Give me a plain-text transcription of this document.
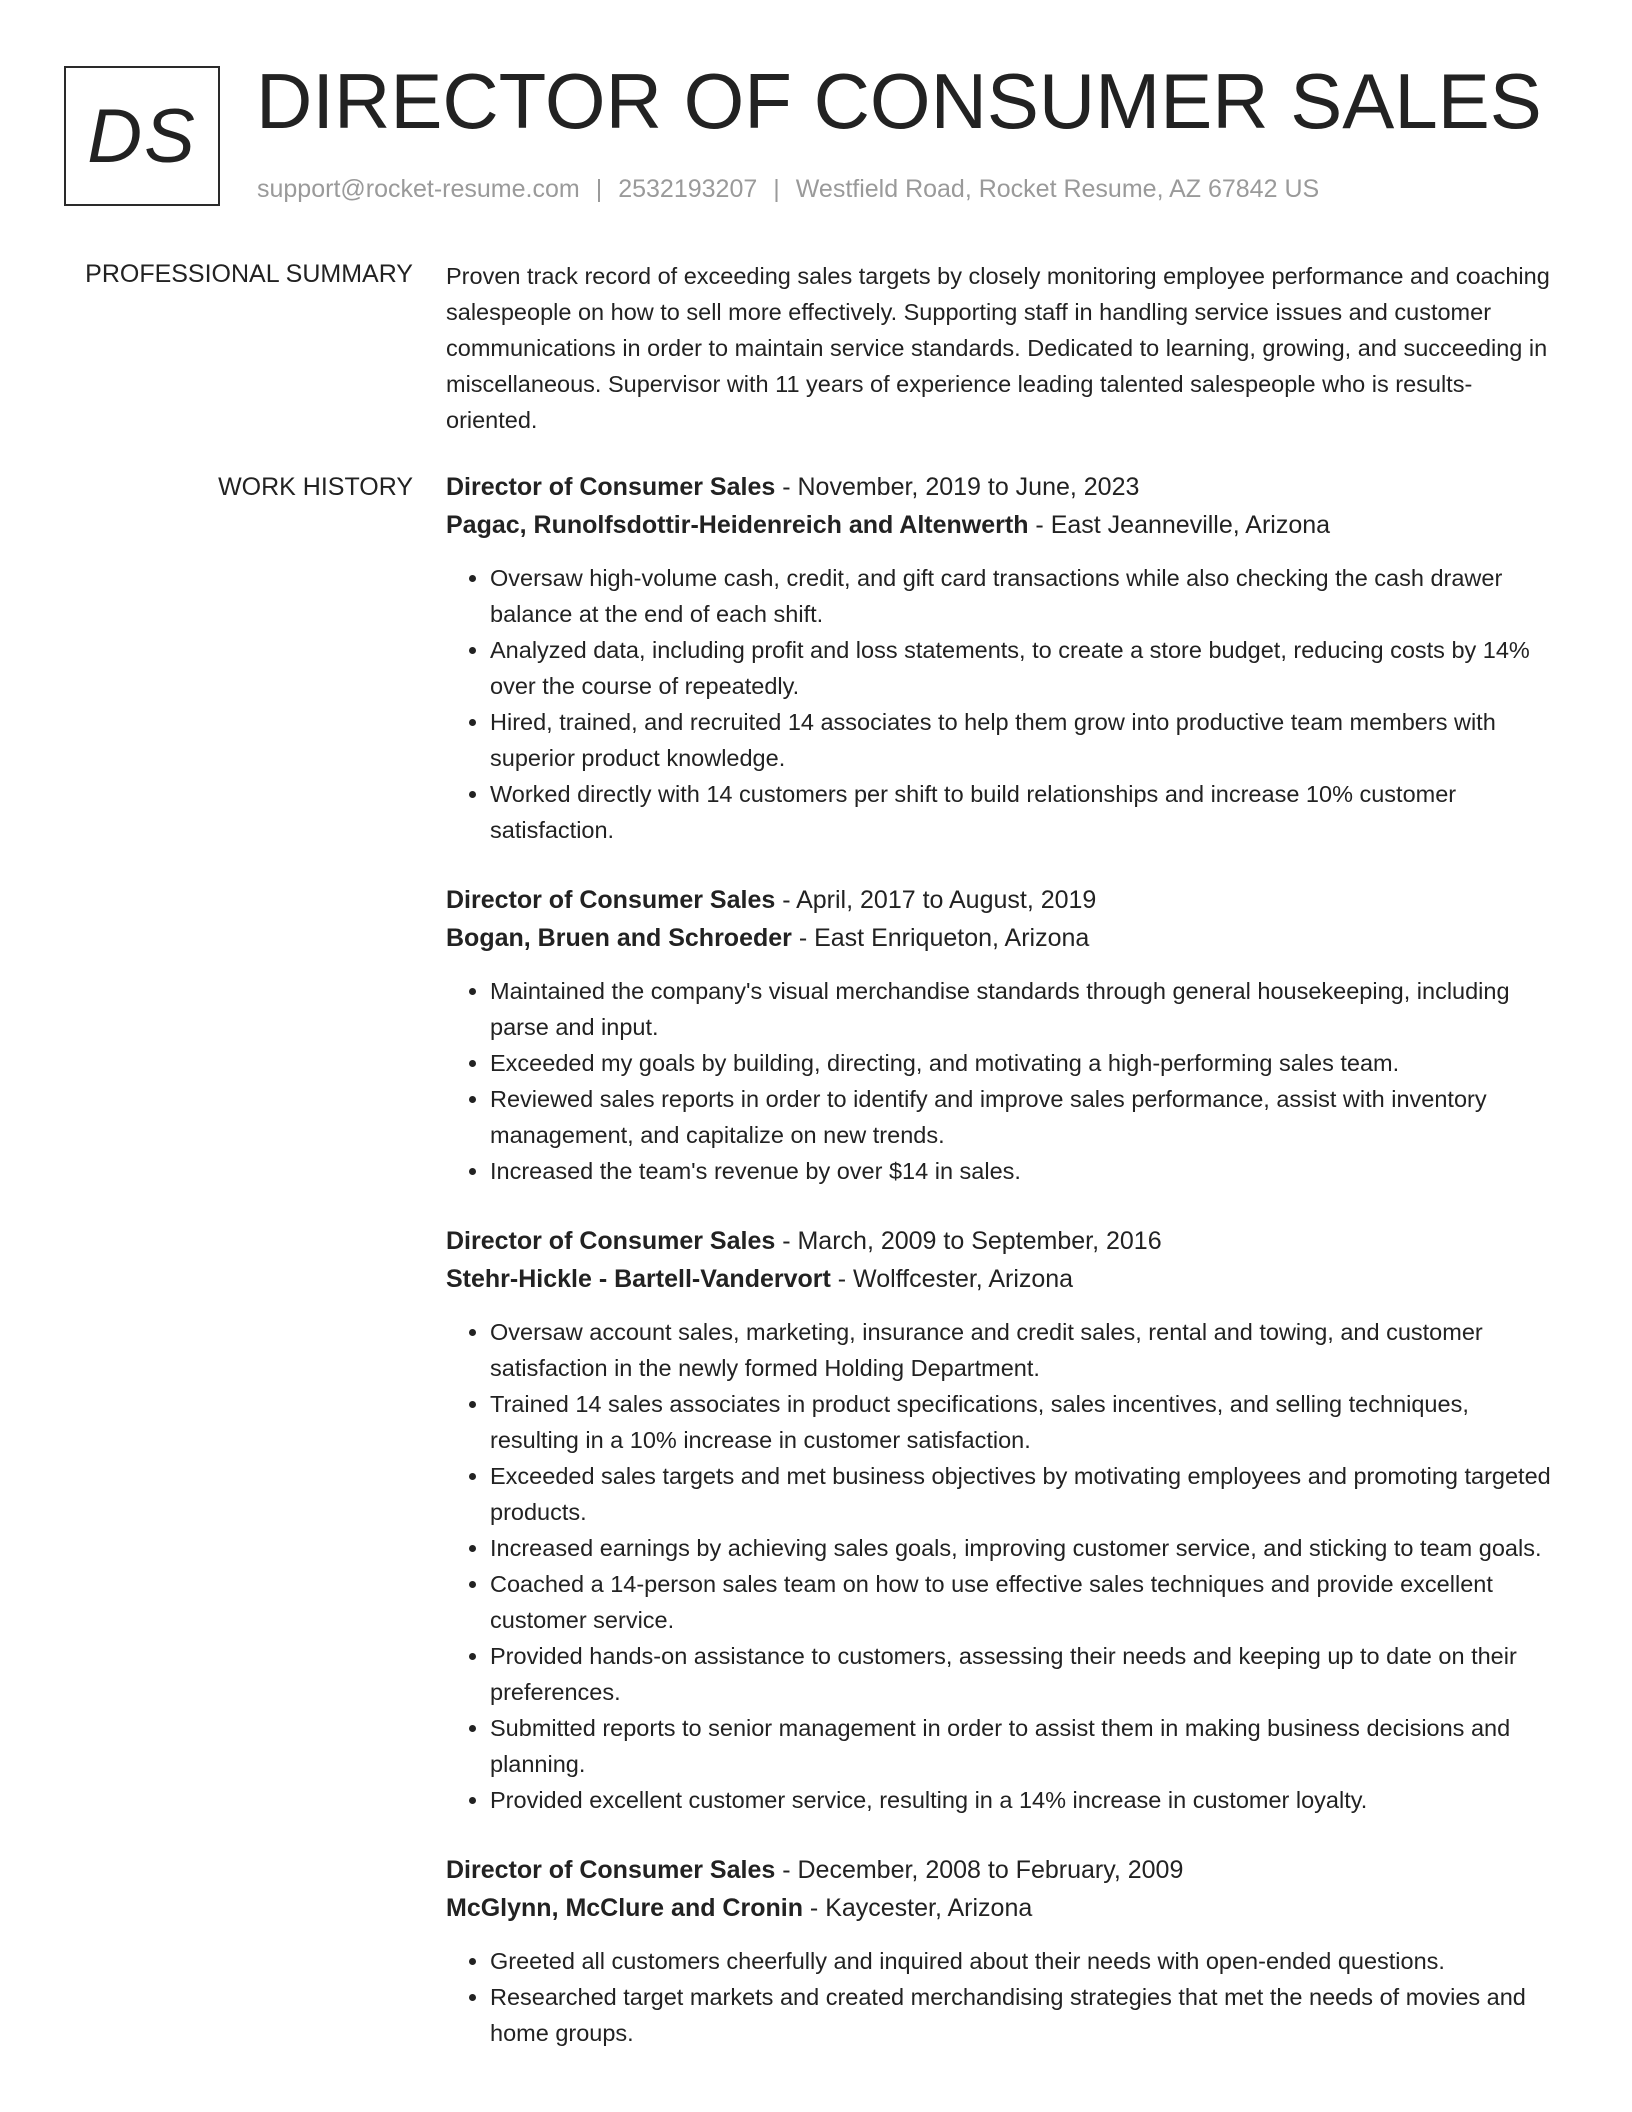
DS DIRECTOR OF CONSUMER SALES
support@rocket-resume.com | 2532193207 | Westfield Road, Rocket Resume, AZ 67842 US
PROFESSIONAL SUMMARY Proven track record of exceeding sales targets by closely monitoring employee performance and coaching salespeople on how to sell more effectively. Supporting staff in handling service issues and customer communications in order to maintain service standards. Dedicated to learning, growing, and succeeding in miscellaneous. Supervisor with 11 years of experience leading talented salespeople who is results-oriented.

WORK HISTORY Director of Consumer Sales - November, 2019 to June, 2023
Pagac, Runolfsdottir-Heidenreich and Altenwerth - East Jeanneville, Arizona
• Oversaw high-volume cash, credit, and gift card transactions while also checking the cash drawer balance at the end of each shift.
• Analyzed data, including profit and loss statements, to create a store budget, reducing costs by 14% over the course of repeatedly.
• Hired, trained, and recruited 14 associates to help them grow into productive team members with superior product knowledge.
• Worked directly with 14 customers per shift to build relationships and increase 10% customer satisfaction.
Director of Consumer Sales - April, 2017 to August, 2019
Bogan, Bruen and Schroeder - East Enriqueton, Arizona
• Maintained the company's visual merchandise standards through general housekeeping, including parse and input.
• Exceeded my goals by building, directing, and motivating a high-performing sales team.
• Reviewed sales reports in order to identify and improve sales performance, assist with inventory management, and capitalize on new trends.
• Increased the team's revenue by over $14 in sales.
Director of Consumer Sales - March, 2009 to September, 2016
Stehr-Hickle - Bartell-Vandervort - Wolffcester, Arizona
• Oversaw account sales, marketing, insurance and credit sales, rental and towing, and customer satisfaction in the newly formed Holding Department.
• Trained 14 sales associates in product specifications, sales incentives, and selling techniques, resulting in a 10% increase in customer satisfaction.
• Exceeded sales targets and met business objectives by motivating employees and promoting targeted products.
• Increased earnings by achieving sales goals, improving customer service, and sticking to team goals.
• Coached a 14-person sales team on how to use effective sales techniques and provide excellent customer service.
• Provided hands-on assistance to customers, assessing their needs and keeping up to date on their preferences.
• Submitted reports to senior management in order to assist them in making business decisions and planning.
• Provided excellent customer service, resulting in a 14% increase in customer loyalty.
Director of Consumer Sales - December, 2008 to February, 2009
McGlynn, McClure and Cronin - Kaycester, Arizona
• Greeted all customers cheerfully and inquired about their needs with open-ended questions.
• Researched target markets and created merchandising strategies that met the needs of movies and home groups.
